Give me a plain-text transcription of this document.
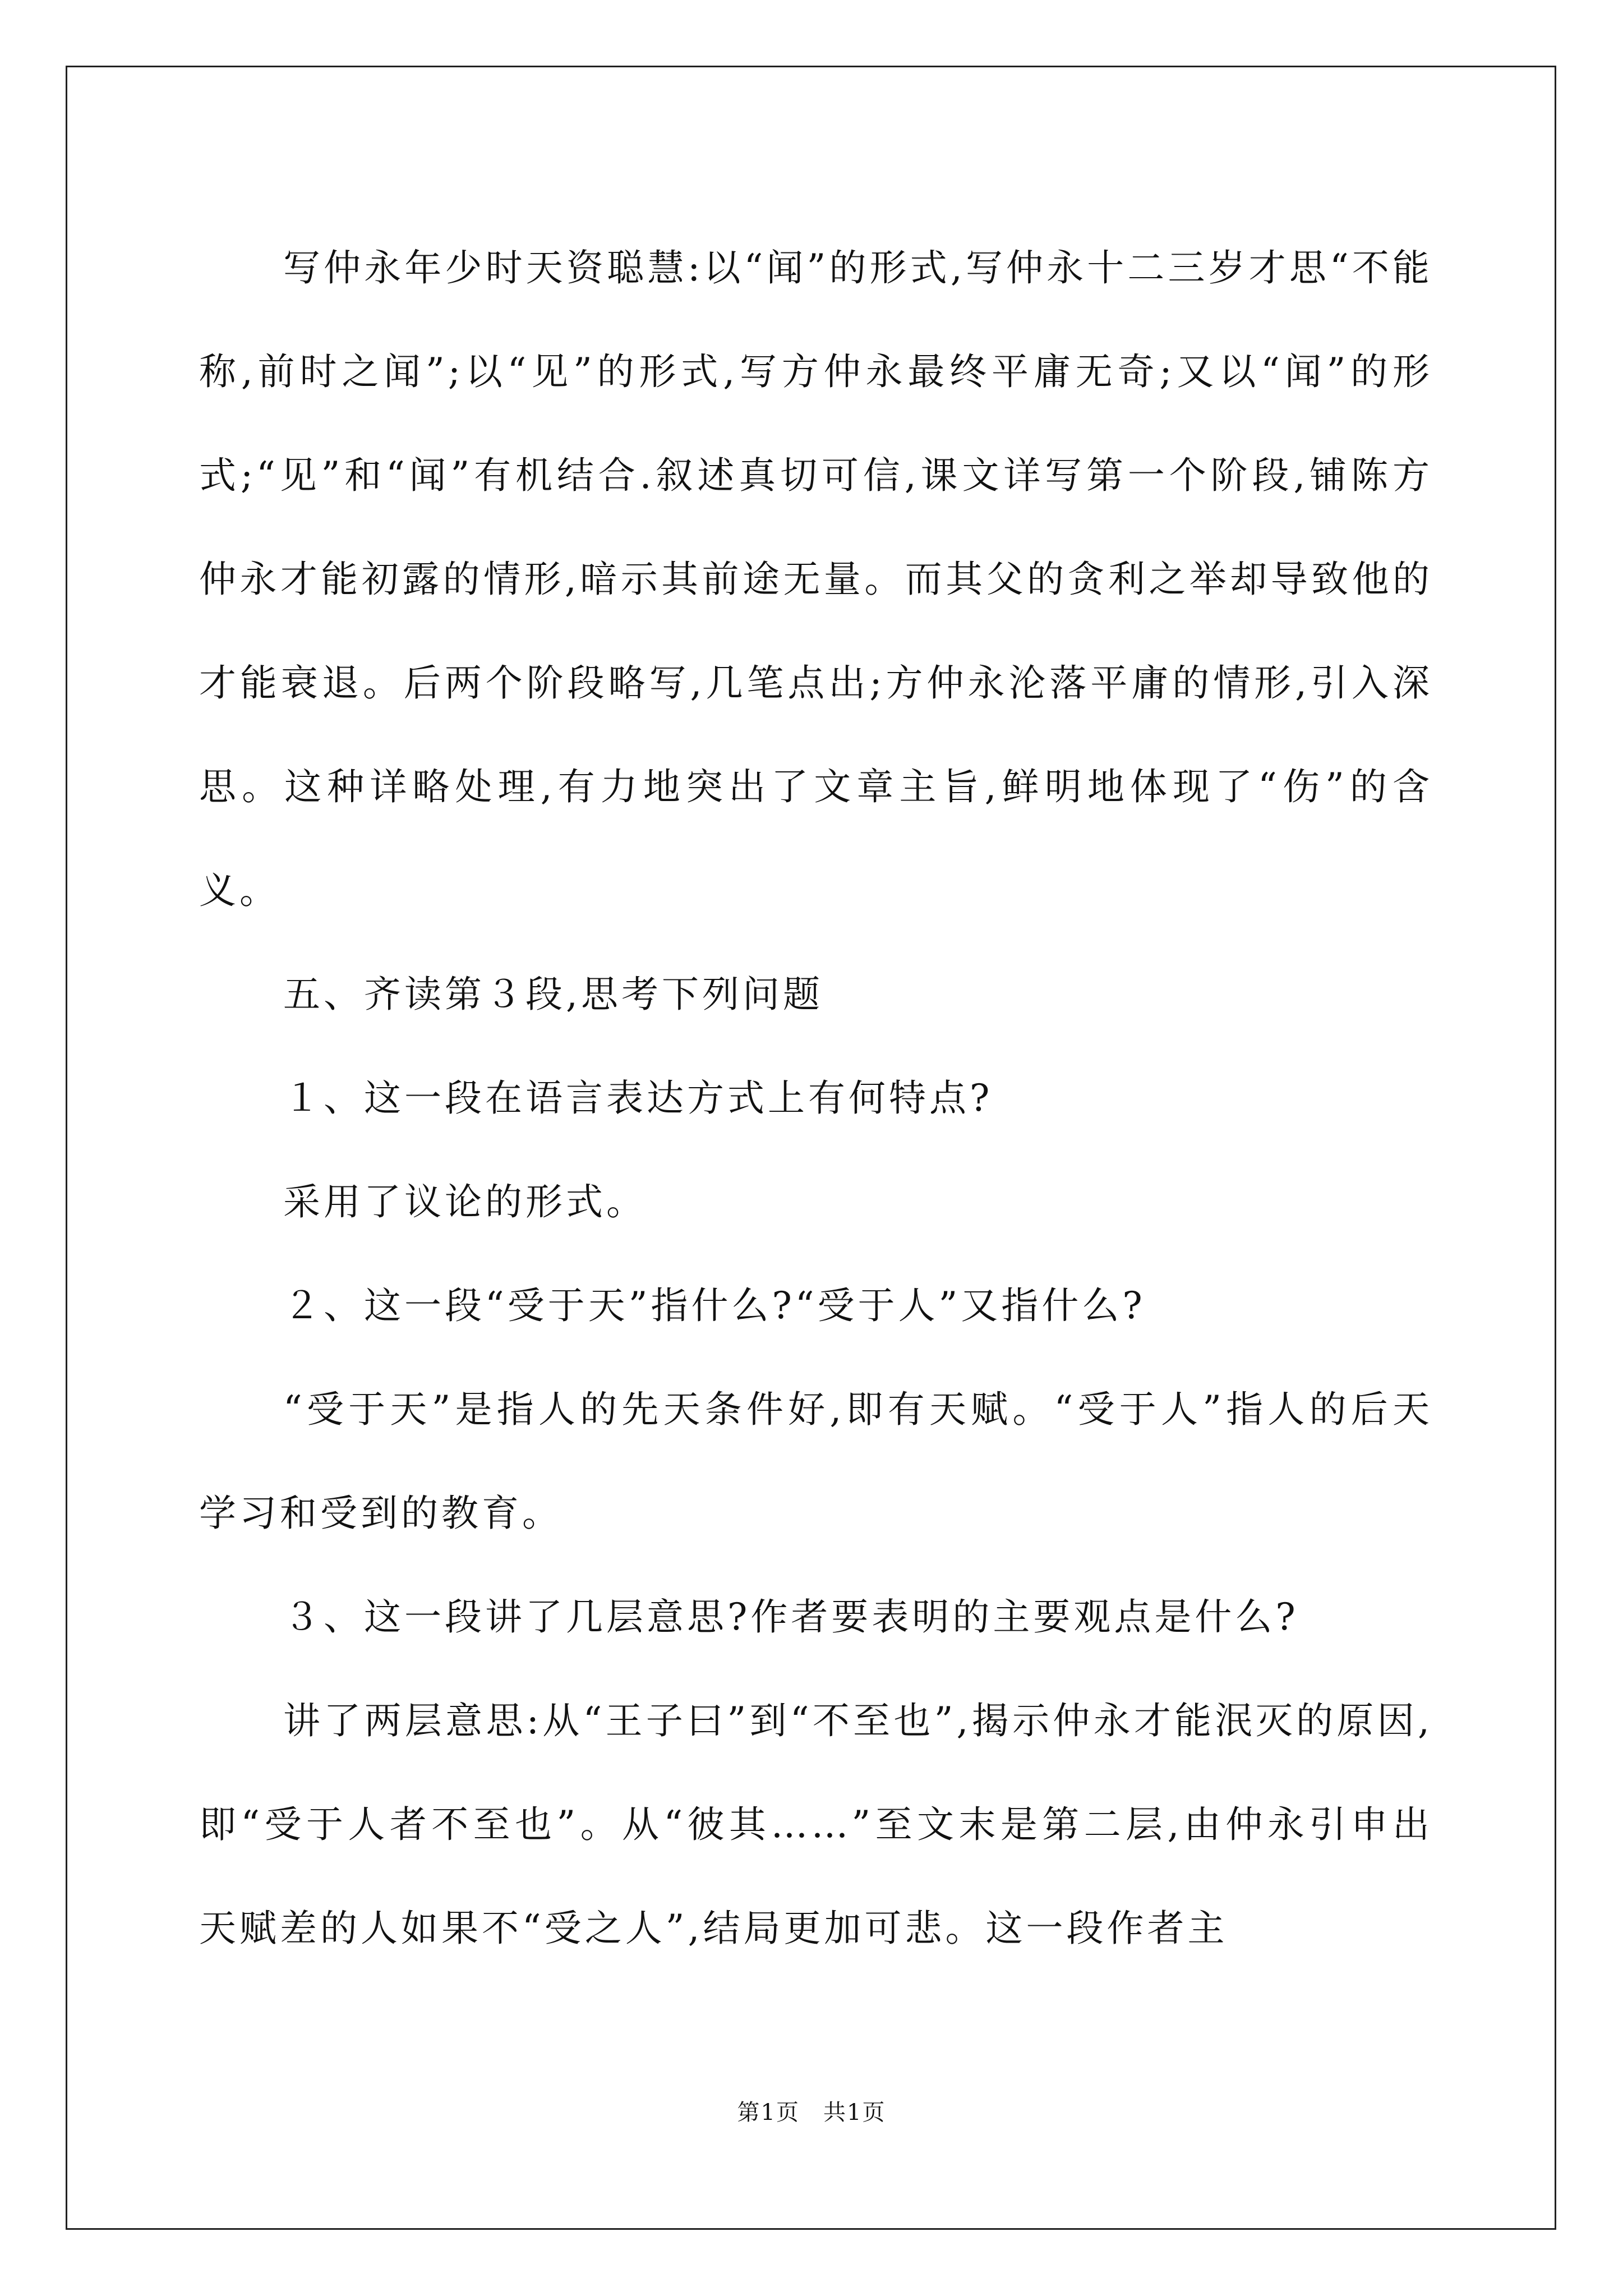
写仲永年少时天资聪慧:以“闻”的形式,写仲永十二三岁才思“不能称,前时之闻”;以“见”的形式,写方仲永最终平庸无奇;又以“闻”的形式;“见”和“闻”有机结合.叙述真切可信,课文详写第一个阶段,铺陈方仲永才能初露的情形,暗示其前途无量。而其父的贪利之举却导致他的才能衰退。后两个阶段略写,几笔点出;方仲永沦落平庸的情形,引入深思。这种详略处理,有力地突出了文章主旨,鲜明地体现了“伤”的含义。

五、齐读第３段,思考下列问题

１、这一段在语言表达方式上有何特点?

采用了议论的形式。

２、这一段“受于天”指什么?“受于人”又指什么?

“受于天”是指人的先天条件好,即有天赋。“受于人”指人的后天学习和受到的教育。

３、这一段讲了几层意思?作者要表明的主要观点是什么?

讲了两层意思:从“王子曰”到“不至也”,揭示仲永才能泯灭的原因,即“受于人者不至也”。从“彼其……”至文末是第二层,由仲永引申出天赋差的人如果不“受之人”,结局更加可悲。这一段作者主

第1页　共1页
